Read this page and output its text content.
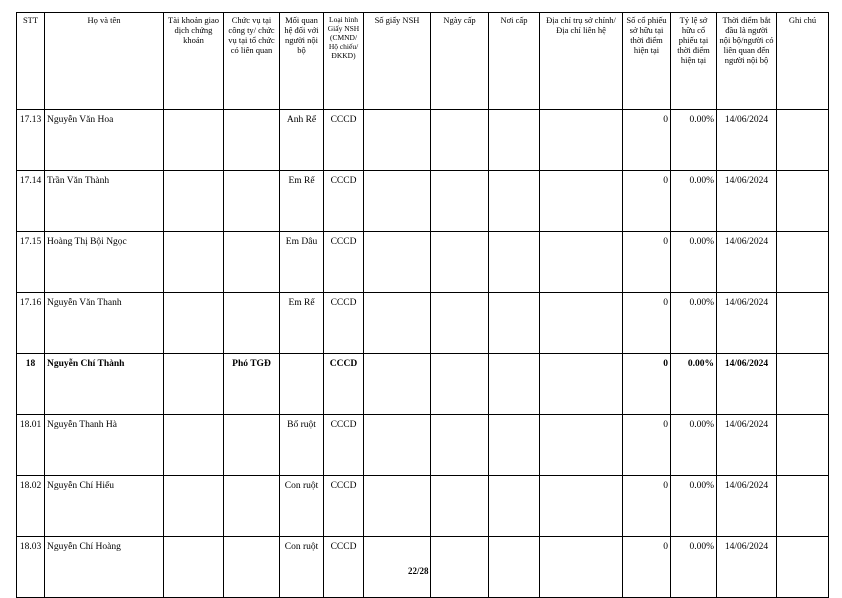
STT	Họ và tên	Tài khoản giao dịch chứng khoán	Chức vụ tại công ty/ chức vụ tại tổ chức có liên quan	Mối quan hệ đối với người nội bộ	Loại hình Giấy NSH (CMND/ Hộ chiếu/ ĐKKD)	Số giấy NSH	Ngày cấp	Nơi cấp	Địa chỉ trụ sở chính/Địa chỉ liên hệ	Số cổ phiếu sở hữu tại thời điểm hiện tại	Tỷ lệ sở hữu cổ phiếu tại thời điểm hiện tại	Thời điểm bắt đầu là người nội bộ/người có liên quan đến người nội bộ	Ghi chú
17.13	Nguyễn Văn Hoa			Anh Rể	CCCD					0	0.00%	14/06/2024	
17.14	Trần Văn Thành			Em Rể	CCCD					0	0.00%	14/06/2024	
17.15	Hoàng Thị Bội Ngọc			Em Dâu	CCCD					0	0.00%	14/06/2024	
17.16	Nguyễn Văn Thanh			Em Rể	CCCD					0	0.00%	14/06/2024	
18	Nguyễn Chí Thành		Phó TGĐ		CCCD					0	0.00%	14/06/2024	
18.01	Nguyễn Thanh Hà			Bố ruột	CCCD					0	0.00%	14/06/2024	
18.02	Nguyễn Chí Hiếu			Con ruột	CCCD					0	0.00%	14/06/2024	
18.03	Nguyễn Chí Hoàng			Con ruột	CCCD					0	0.00%	14/06/2024	
22/28
